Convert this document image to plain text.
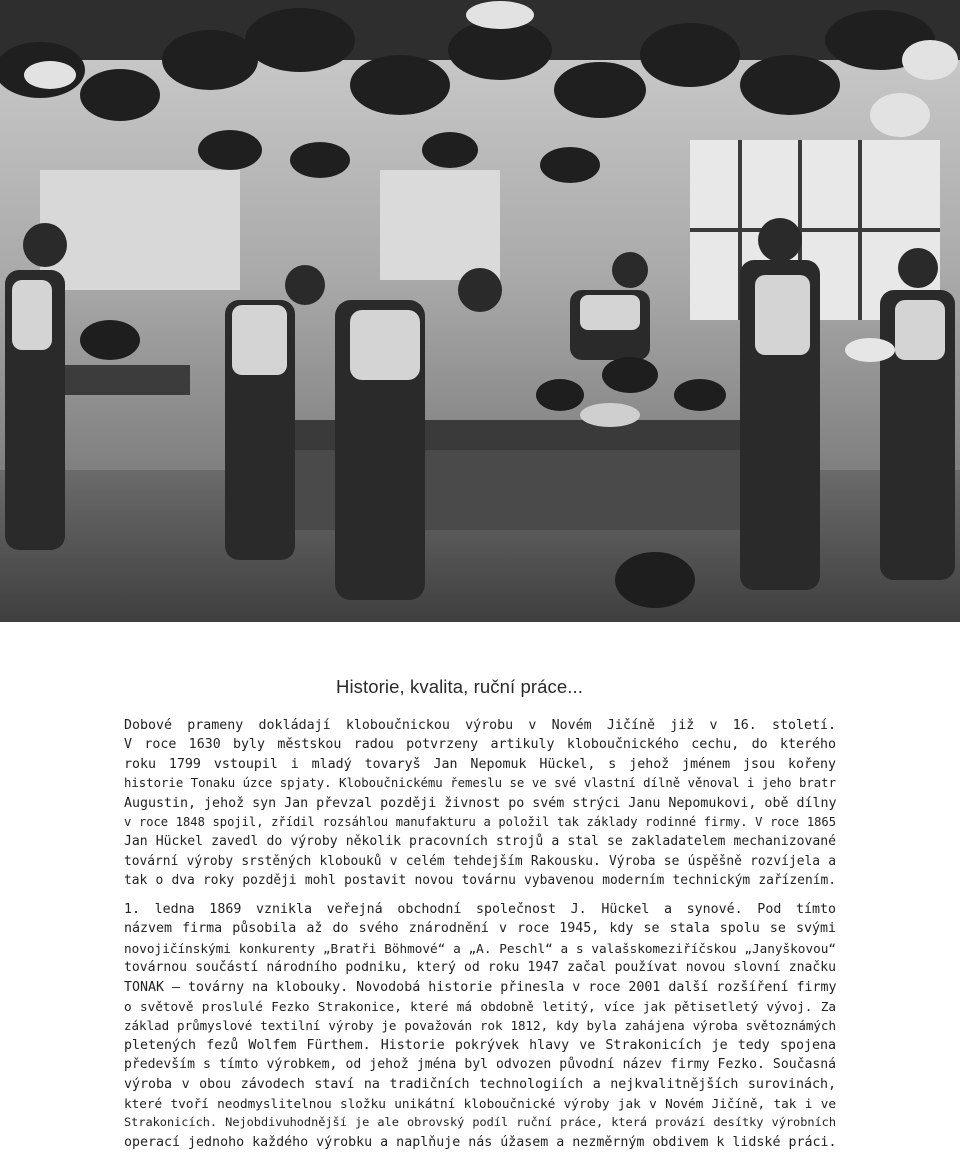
Historie, kvalita, ruční práce...
Dobové prameny dokládají kloboučnickou výrobu v Novém Jičíně již v 16. století.
V roce 1630 byly městskou radou potvrzeny artikuly kloboučnického cechu, do kterého
roku 1799 vstoupil i mladý tovaryš Jan Nepomuk Hückel, s jehož jménem jsou kořeny
historie Tonaku úzce spjaty. Kloboučnickému řemeslu se ve své vlastní dílně věnoval i jeho bratr
Augustin, jehož syn Jan převzal později živnost po svém strýci Janu Nepomukovi, obě dílny
v roce 1848 spojil, zřídil rozsáhlou manufakturu a položil tak základy rodinné firmy. V roce 1865
Jan Hückel zavedl do výroby několik pracovních strojů a stal se zakladatelem mechanizované
tovární výroby srstěných klobouků v celém tehdejším Rakousku. Výroba se úspěšně rozvíjela a
tak o dva roky později mohl postavit novou továrnu vybavenou moderním technickým zařízením.
1. ledna 1869 vznikla veřejná obchodní společnost J. Hückel a synové. Pod tímto
názvem firma působila až do svého znárodnění v roce 1945, kdy se stala spolu se svými
novojičínskými konkurenty „Bratři Böhmové“ a „A. Peschl“ a s valašskomeziříčskou „Janyškovou“
továrnou součástí národního podniku, který od roku 1947 začal používat novou slovní značku
TONAK – továrny na klobouky. Novodobá historie přinesla v roce 2001 další rozšíření firmy
o světově proslulé Fezko Strakonice, které má obdobně letitý, více jak pětisetletý vývoj. Za
základ průmyslové textilní výroby je považován rok 1812, kdy byla zahájena výroba světoznámých
pletených fezů Wolfem Fürthem. Historie pokrývek hlavy ve Strakonicích je tedy spojena
především s tímto výrobkem, od jehož jména byl odvozen původní název firmy Fezko. Současná
výroba v obou závodech staví na tradičních technologiích a nejkvalitnějších surovinách,
které tvoří neodmyslitelnou složku unikátní kloboučnické výroby jak v Novém Jičíně, tak i ve
Strakonicích. Nejobdivuhodnější je ale obrovský podíl ruční práce, která provází desítky výrobních
operací jednoho každého výrobku a naplňuje nás úžasem a nezměrným obdivem k lidské práci.
